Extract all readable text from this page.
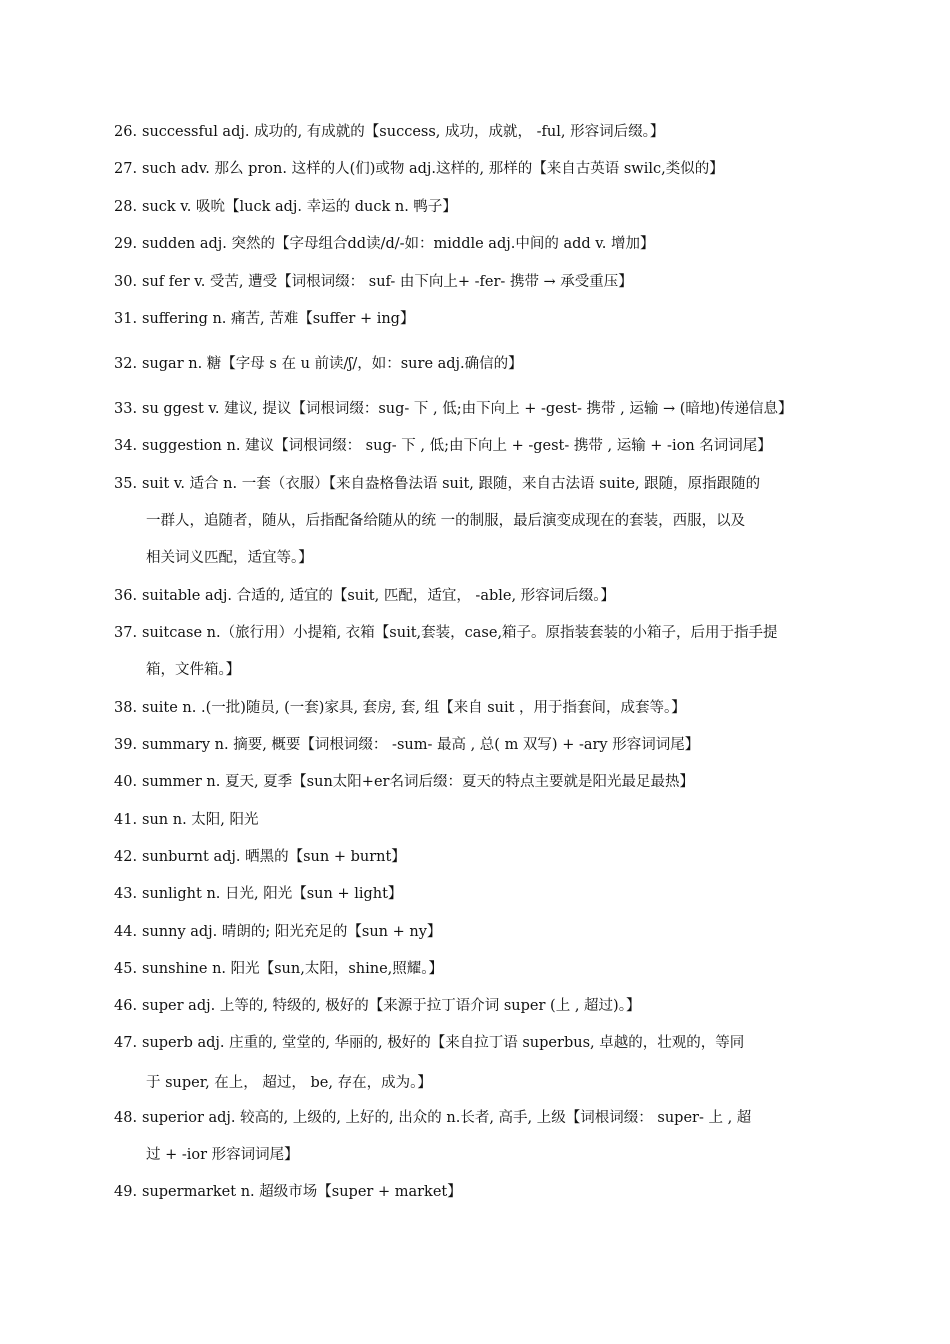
26. successful adj. 成功的, 有成就的【success, 成功，成就， -ful, 形容词后缀。】
27. such adv. 那么 pron. 这样的人(们)或物 adj.这样的, 那样的【来自古英语 swilc,类似的】
28. suck v. 吸吮【luck adj. 幸运的 duck n. 鸭子】
29. sudden adj. 突然的【字母组合dd读/d/-如：middle adj.中间的 add v. 增加】
30. suf fer v. 受苦, 遭受【词根词缀： suf- 由下向上+ -fer- 携带 → 承受重压】
31. suffering n. 痛苦, 苦难【suffer + ing】
32. sugar n. 糖【字母 s 在 u 前读/ʃ/，如：sure adj.确信的】
33. su ggest v. 建议, 提议【词根词缀：sug- 下 , 低;由下向上 + -gest- 携带 , 运输 → (暗地)传递信息】
34. suggestion n. 建议【词根词缀： sug- 下 , 低;由下向上 + -gest- 携带 , 运输 + -ion 名词词尾】
35. suit v. 适合 n. 一套（衣服）【来自盎格鲁法语 suit, 跟随，来自古法语 suite, 跟随，原指跟随的
一群人，追随者，随从，后指配备给随从的统 一的制服，最后演变成现在的套装，西服，以及
相关词义匹配，适宜等。】
36. suitable adj. 合适的, 适宜的【suit, 匹配，适宜， -able, 形容词后缀。】
37. suitcase n.（旅行用）小提箱, 衣箱【suit,套装，case,箱子。原指装套装的小箱子，后用于指手提
箱，文件箱。】
38. suite n. .(一批)随员, (一套)家具, 套房, 套, 组【来自 suit ，用于指套间，成套等。】
39. summary n. 摘要, 概要【词根词缀： -sum- 最高 , 总( m 双写) + -ary 形容词词尾】
40. summer n. 夏天, 夏季【sun太阳+er名词后缀：夏天的特点主要就是阳光最足最热】
41. sun n. 太阳, 阳光
42. sunburnt adj. 晒黑的【sun + burnt】
43. sunlight n. 日光, 阳光【sun + light】
44. sunny adj. 晴朗的; 阳光充足的【sun + ny】
45. sunshine n. 阳光【sun,太阳，shine,照耀。】
46. super adj. 上等的, 特级的, 极好的【来源于拉丁语介词 super (上 , 超过)。】
47. superb adj. 庄重的, 堂堂的, 华丽的, 极好的【来自拉丁语 superbus, 卓越的，壮观的，等同
于 super, 在上， 超过， be, 存在，成为。】
48. superior adj. 较高的, 上级的, 上好的, 出众的 n.长者, 高手, 上级【词根词缀： super- 上 , 超
过 + -ior 形容词词尾】
49. supermarket n. 超级市场【super + market】
